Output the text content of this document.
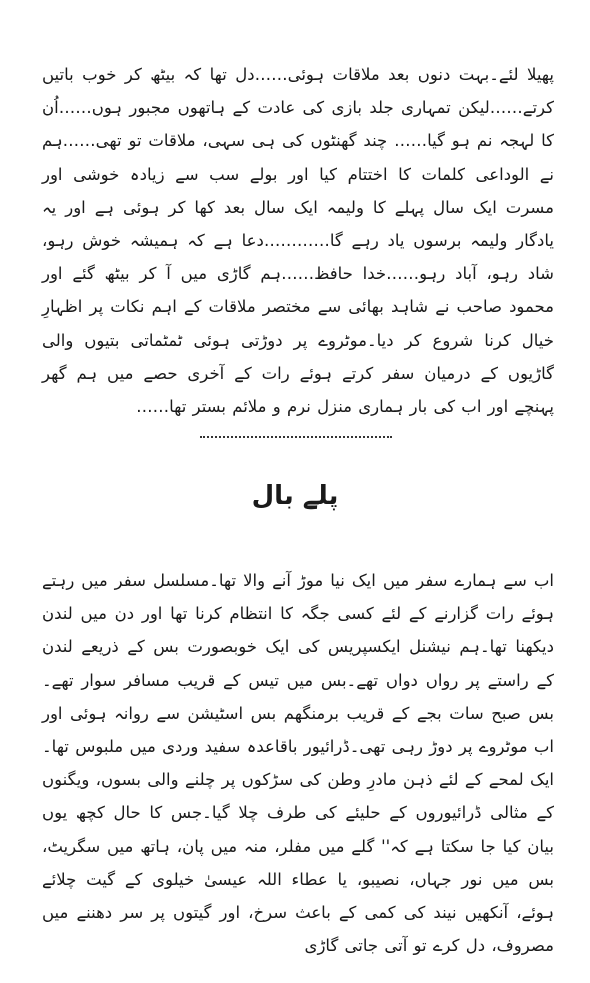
پھیلا لئے۔بہت دنوں بعد ملاقات ہوئی……دل تھا کہ بیٹھ کر خوب باتیں کرتے……لیکن تمہاری جلد بازی کی عادت کے ہاتھوں مجبور ہوں……اُن کا لہجہ نم ہو گیا…… چند گھنٹوں کی ہی سہی، ملاقات تو تھی……ہم نے الوداعی کلمات کا اختتام کیا اور بولے سب سے زیادہ خوشی اور مسرت ایک سال پہلے کا ولیمہ ایک سال بعد کھا کر ہوئی ہے اور یہ یادگار ولیمہ برسوں یاد رہے گا…………دعا ہے کہ ہمیشہ خوش رہو، شاد رہو، آباد رہو……خدا حافظ……ہم گاڑی میں آ کر بیٹھ گئے اور محمود صاحب نے شاہد بھائی سے مختصر ملاقات کے اہم نکات پر اظہارِ خیال کرنا شروع کر دیا۔موٹروے پر دوڑتی ہوئی ٹمٹماتی بتیوں والی گاڑیوں کے درمیان سفر کرتے ہوئے رات کے آخری حصے میں ہم گھر پہنچے اور اب کی بار ہماری منزل نرم و ملائم بستر تھا……

پلے بال

اب سے ہمارے سفر میں ایک نیا موڑ آنے والا تھا۔مسلسل سفر میں رہتے ہوئے رات گزارنے کے لئے کسی جگہ کا انتظام کرنا تھا اور دن میں لندن دیکھنا تھا۔ہم نیشنل ایکسپریس کی ایک خوبصورت بس کے ذریعے لندن کے راستے پر رواں دواں تھے۔بس میں تیس کے قریب مسافر سوار تھے۔بس صبح سات بجے کے قریب برمنگھم بس اسٹیشن سے روانہ ہوئی اور اب موٹروے پر دوڑ رہی تھی۔ڈرائیور باقاعدہ سفید وردی میں ملبوس تھا۔ایک لمحے کے لئے ذہن مادرِ وطن کی سڑکوں پر چلنے والی بسوں، ویگنوں کے مثالی ڈرائیوروں کے حلیئے کی طرف چلا گیا۔جس کا حال کچھ یوں بیان کیا جا سکتا ہے کہ'' گلے میں مفلر، منہ میں پان، ہاتھ میں سگریٹ، بس میں نور جہاں، نصیبو، یا عطاء اللہ عیسیٰ خیلوی کے گیت چلائے ہوئے، آنکھیں نیند کی کمی کے باعث سرخ، اور گیتوں پر سر دھننے میں مصروف، دل کرے تو آتی جاتی گاڑی
